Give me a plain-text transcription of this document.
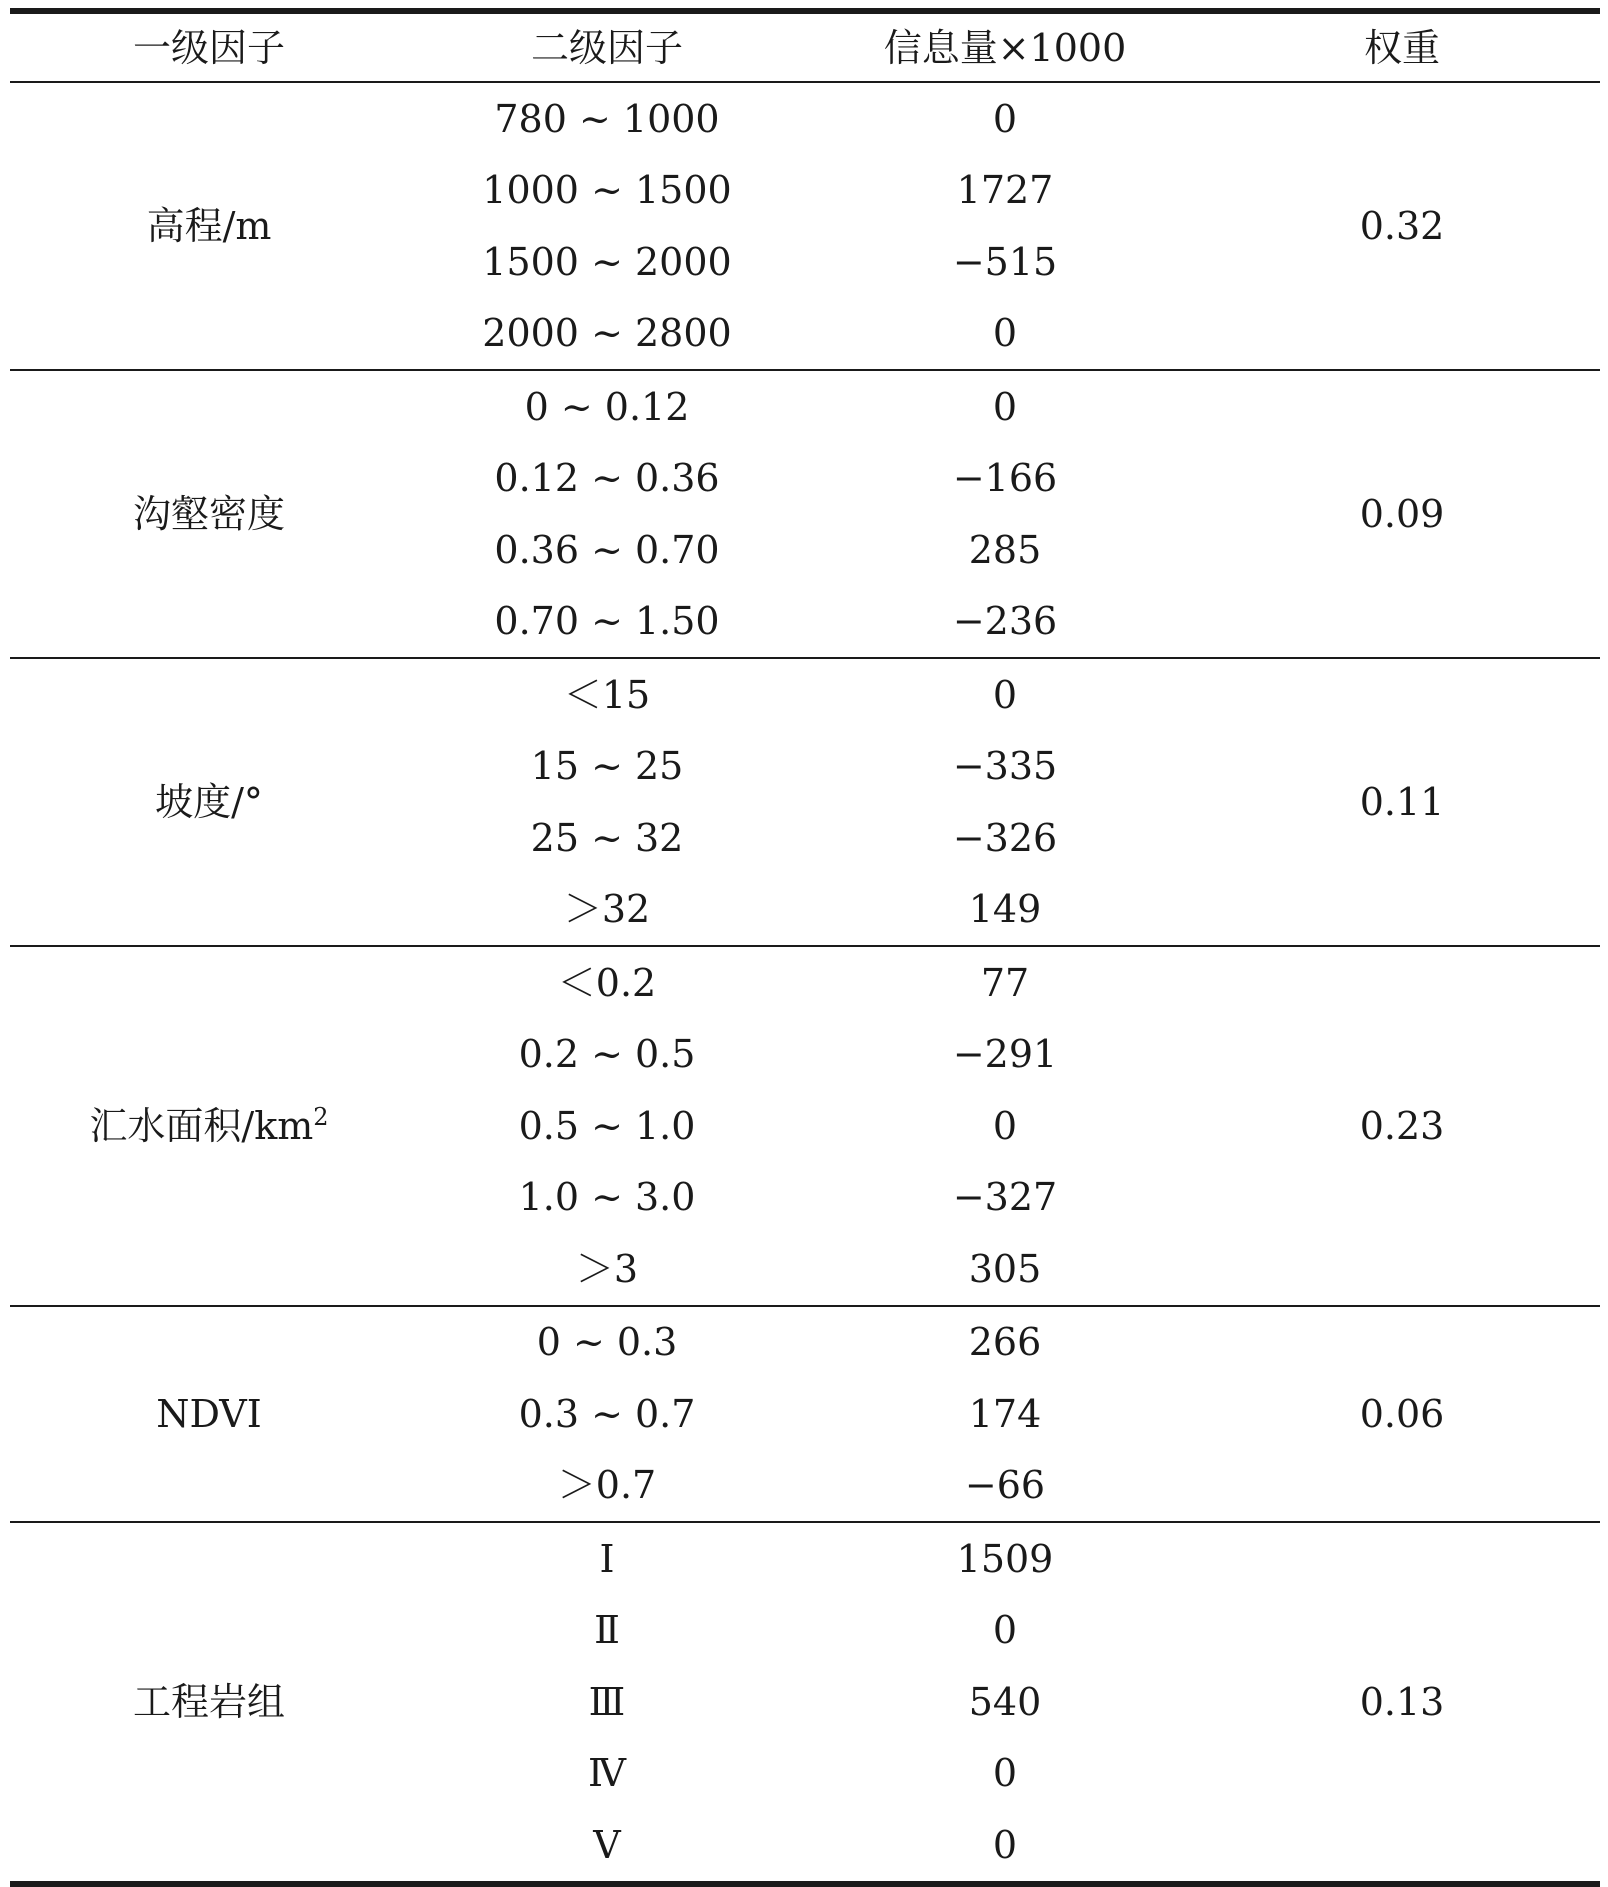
一级因子	二级因子	信息量×1000	权重
高程/m	780 ~ 1000	0	0.32
	1000 ~ 1500	1727	
	1500 ~ 2000	−515	
	2000 ~ 2800	0	
沟壑密度	0 ~ 0.12	0	0.09
	0.12 ~ 0.36	−166	
	0.36 ~ 0.70	285	
	0.70 ~ 1.50	−236	
坡度/°	＜15	0	0.11
	15 ~ 25	−335	
	25 ~ 32	−326	
	＞32	149	
汇水面积$/km^2$	＜0.2	77	0.23
	0.2 ~ 0.5	−291	
	0.5 ~ 1.0	0	
	1.0 ~ 3.0	−327	
	＞3	305	
NDVI	0 ~ 0.3	266	0.06
	0.3 ~ 0.7	174	
	＞0.7	−66	
工程岩组	Ⅰ	1509	0.13
	Ⅱ	0	
	Ⅲ	540	
	Ⅳ	0	
	Ⅴ	0	
